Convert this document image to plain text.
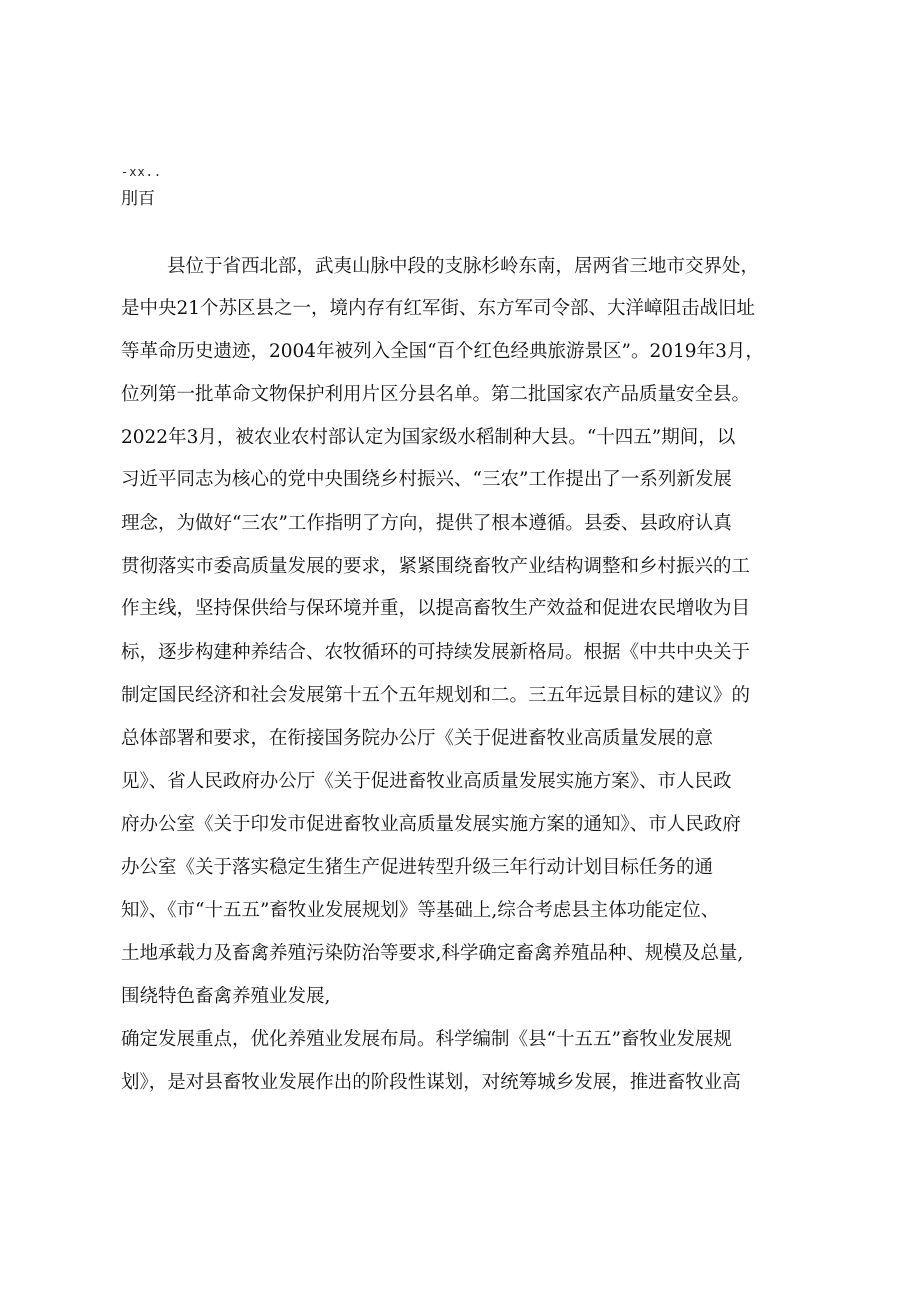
-xx..
刖百
县位于省西北部，武夷山脉中段的支脉杉岭东南，居两省三地市交界处，
是中央21个苏区县之一，境内存有红军街、东方军司令部、大洋嶂阻击战旧址
等革命历史遗迹，2004年被列入全国“百个红色经典旅游景区”。2019年3月，
位列第一批革命文物保护利用片区分县名单。第二批国家农产品质量安全县。
2022年3月，被农业农村部认定为国家级水稻制种大县。“十四五”期间，以
习近平同志为核心的党中央围绕乡村振兴、“三农”工作提出了一系列新发展
理念，为做好“三农”工作指明了方向，提供了根本遵循。县委、县政府认真
贯彻落实市委高质量发展的要求，紧紧围绕畜牧产业结构调整和乡村振兴的工
作主线，坚持保供给与保环境并重，以提高畜牧生产效益和促进农民增收为目
标，逐步构建种养结合、农牧循环的可持续发展新格局。根据《中共中央关于
制定国民经济和社会发展第十五个五年规划和二。三五年远景目标的建议》的
总体部署和要求，在衔接国务院办公厅《关于促进畜牧业高质量发展的意
见》、省人民政府办公厅《关于促进畜牧业高质量发展实施方案》、市人民政
府办公室《关于印发市促进畜牧业高质量发展实施方案的通知》、市人民政府
办公室《关于落实稳定生猪生产促进转型升级三年行动计划目标任务的通
知》、《市“十五五”畜牧业发展规划》等基础上,综合考虑县主体功能定位、
土地承载力及畜禽养殖污染防治等要求,科学确定畜禽养殖品种、规模及总量,
围绕特色畜禽养殖业发展,
确定发展重点，优化养殖业发展布局。科学编制《县“十五五”畜牧业发展规
划》，是对县畜牧业发展作出的阶段性谋划，对统筹城乡发展，推进畜牧业高
